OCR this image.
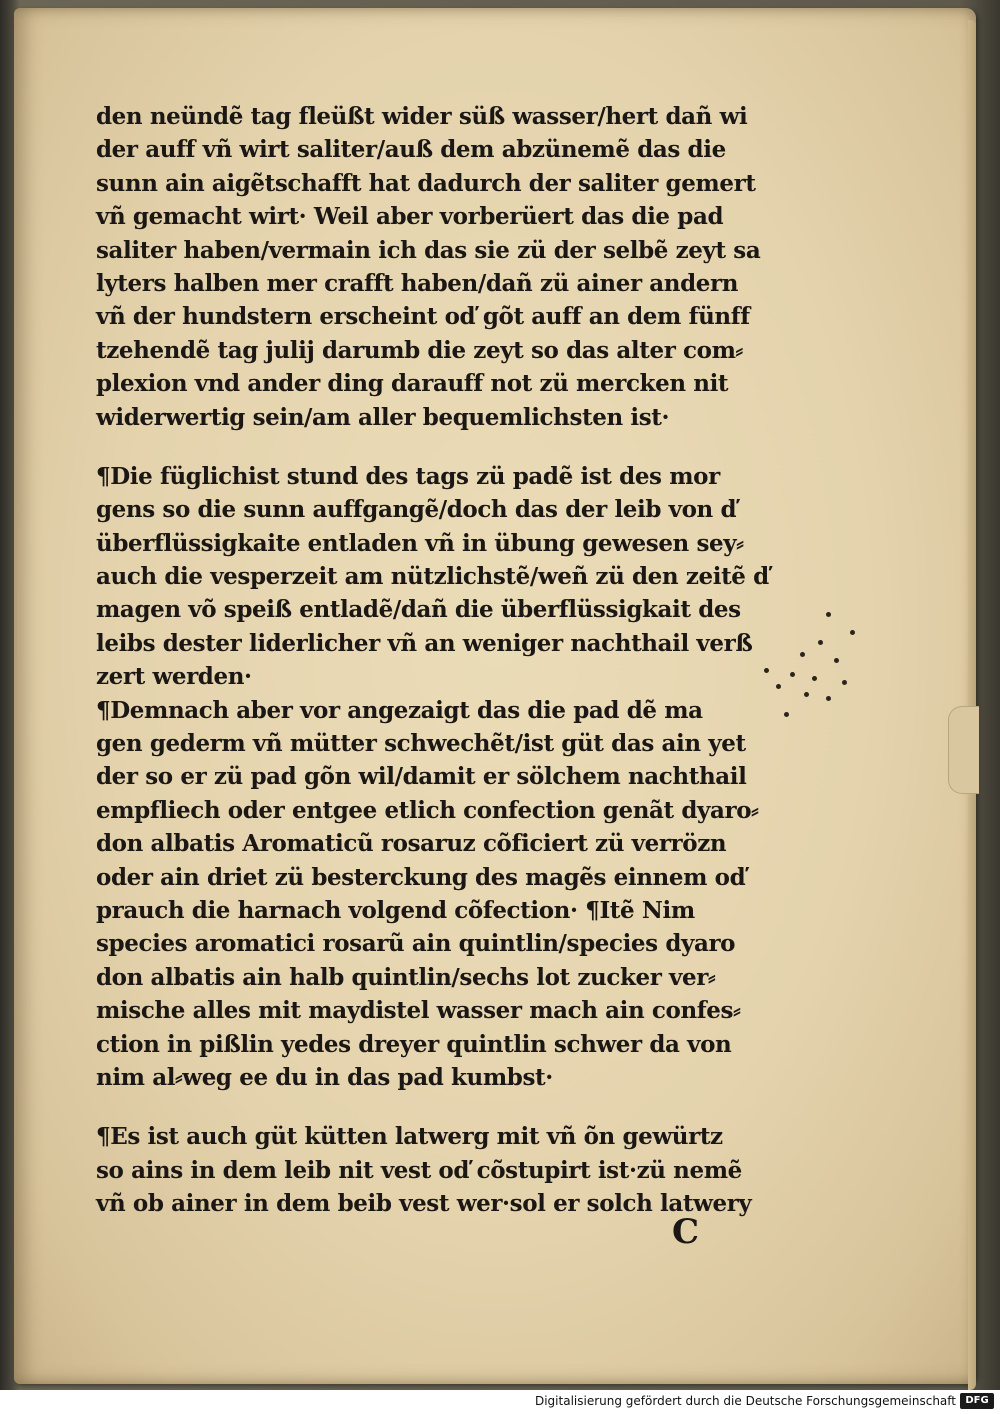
den neündẽ tag fleüßt wider süß wasser/hert dañ wi
der auff vñ wirt saliter/auß dem abzünemẽ das die
sunn ain aigẽtschafft hat dadurch der saliter gemert
vñ gemacht wirt· Weil aber vorberüert das die pad
saliter haben/vermain ich das sie zü der selbẽ zeyt sa
lyters halben mer crafft haben/dañ zü ainer andern
vñ der hundstern erscheint oď gõt auff an dem fünff
tzehendẽ tag julij darumb die zeyt so das alter com⸗
plexion vnd ander ding darauff not zü mercken nit
widerwertig sein/am aller bequemlichsten ist·
¶Die füglichist stund des tags zü padẽ ist des mor
gens so die sunn auffgangẽ/doch das der leib von ď
überflüssigkaite entladen vñ in übung gewesen sey⸗
auch die vesperzeit am nützlichstẽ/weñ zü den zeitẽ ď
magen võ speiß entladẽ/dañ die überflüssigkait des
leibs dester liderlicher vñ an weniger nachthail verß
zert werden·
¶Demnach aber vor angezaigt das die pad dẽ ma
gen gederm vñ mütter schwechẽt/ist güt das ain yet
der so er zü pad gõn wil/damit er sölchem nachthail
empfliech oder entgee etlich confection genãt dyaro⸗
don albatis Aromaticũ rosaruz cõficiert zü verrözn
oder ain driet zü besterckung des magẽs einnem oď
prauch die harnach volgend cõfection· ¶Itẽ Nim
species aromatici rosarũ ain quintlin/species dyaro
don albatis ain halb quintlin/sechs lot zucker ver⸗
mische alles mit maydistel wasser mach ain confes⸗
ction in pißlin yedes dreyer quintlin schwer da von
nim al⸗weg ee du in das pad kumbst·
¶Es ist auch güt kütten latwerg mit vñ õn gewürtz
so ains in dem leib nit vest oď cõstupirt ist·zü nemẽ
vñ ob ainer in dem beib vest wer·sol er solch latwery
C
Digitalisierung gefördert durch die Deutsche Forschungsgemeinschaft DFG
